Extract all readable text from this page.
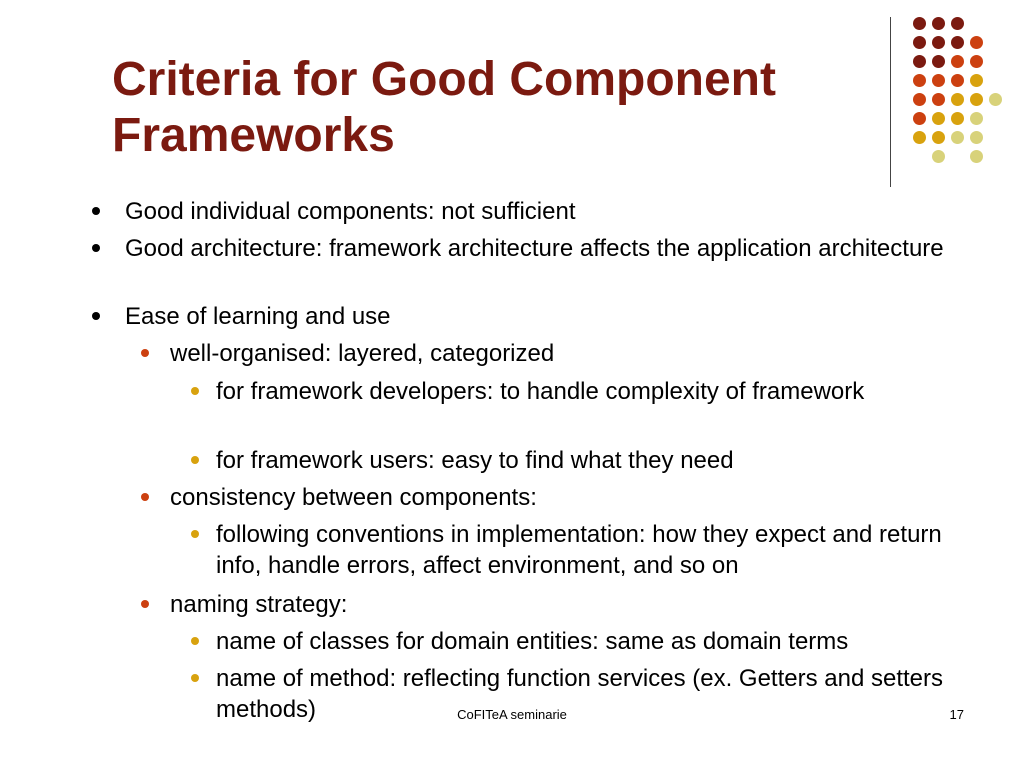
Criteria for Good Component Frameworks
Good individual components: not sufficient
Good architecture: framework architecture affects the application architecture
Ease of learning and use
well-organised: layered, categorized
for framework developers: to handle complexity of framework
for framework users: easy to find what they need
consistency between components:
following conventions in implementation: how they expect and return info, handle errors, affect environment, and so on
naming strategy:
name of classes for domain entities: same as domain terms
name of method: reflecting function services (ex. Getters and setters methods)	CoFITeA seminarie	17
